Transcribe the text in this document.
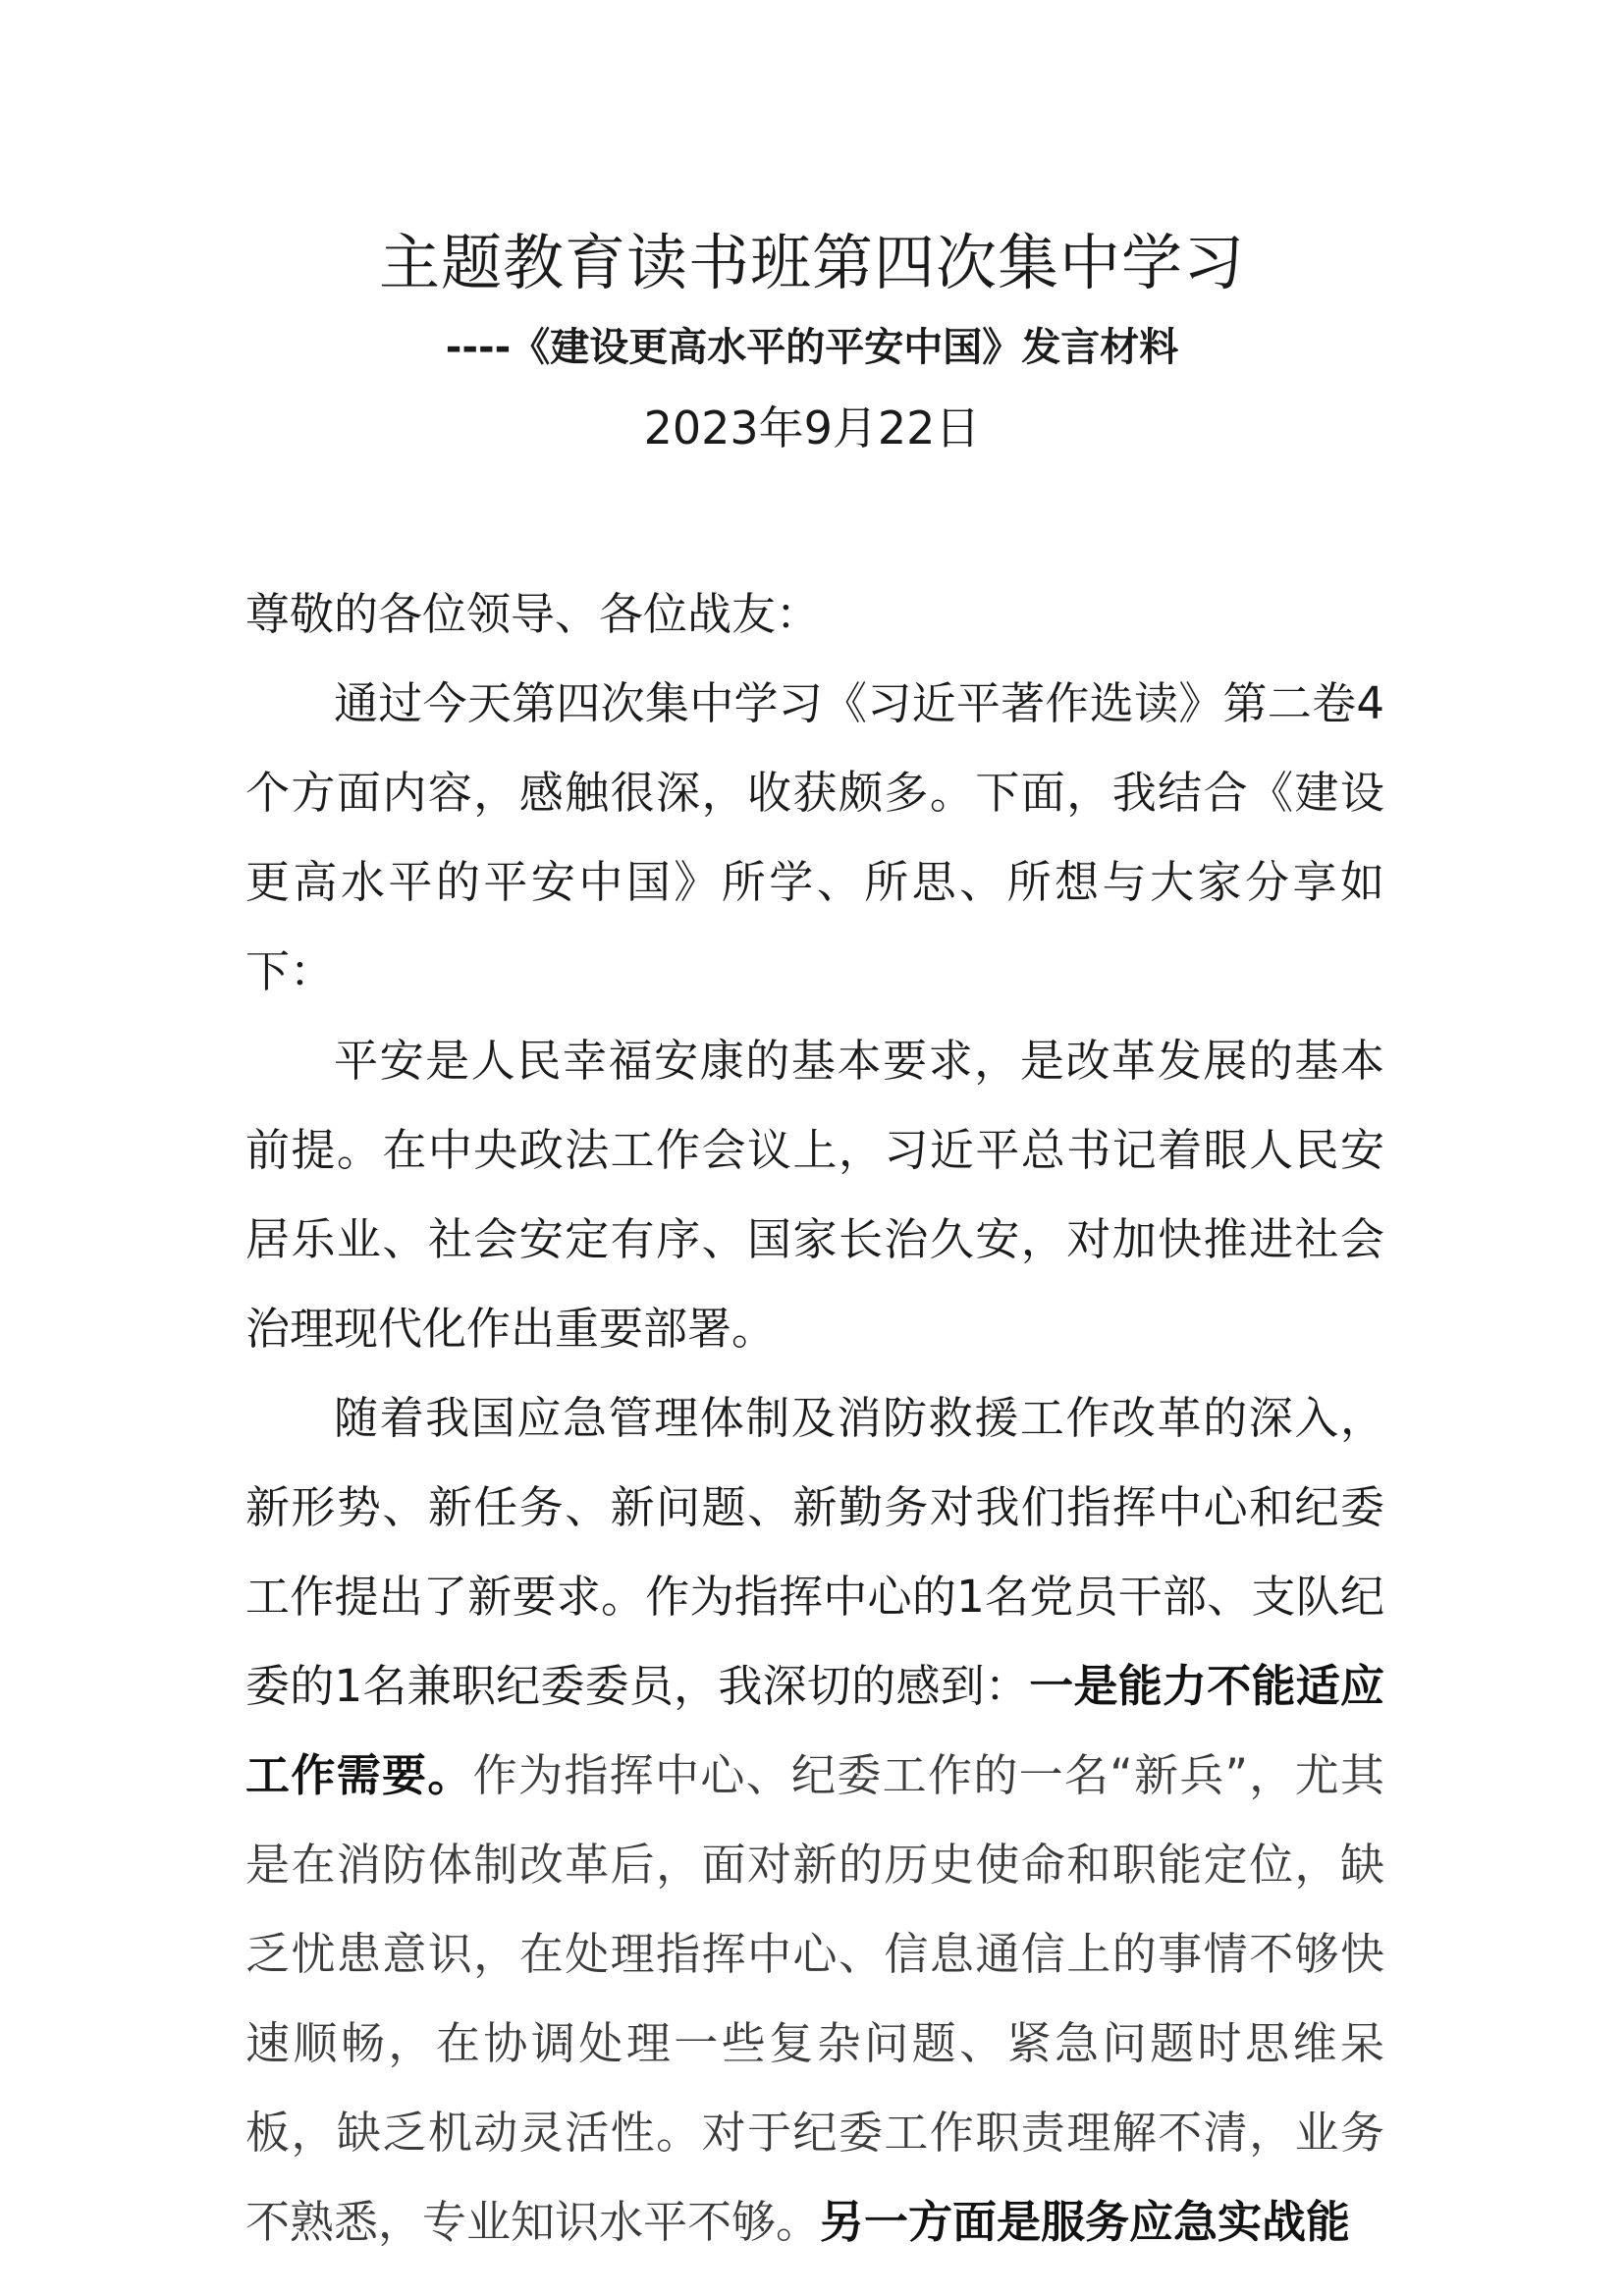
主题教育读书班第四次集中学习
----《建设更高水平的平安中国》发言材料
2023年9月22日

尊敬的各位领导、各位战友：

通过今天第四次集中学习《习近平著作选读》第二卷4个方面内容，感触很深，收获颇多。下面，我结合《建设更高水平的平安中国》所学、所思、所想与大家分享如下：

平安是人民幸福安康的基本要求，是改革发展的基本前提。在中央政法工作会议上，习近平总书记着眼人民安居乐业、社会安定有序、国家长治久安，对加快推进社会治理现代化作出重要部署。

随着我国应急管理体制及消防救援工作改革的深入，新形势、新任务、新问题、新勤务对我们指挥中心和纪委工作提出了新要求。作为指挥中心的1名党员干部、支队纪委的1名兼职纪委委员，我深切的感到：一是能力不能适应工作需要。作为指挥中心、纪委工作的一名“新兵”，尤其是在消防体制改革后，面对新的历史使命和职能定位，缺乏忧患意识，在处理指挥中心、信息通信上的事情不够快速顺畅，在协调处理一些复杂问题、紧急问题时思维呆板，缺乏机动灵活性。对于纪委工作职责理解不清，业务不熟悉，专业知识水平不够。另一方面是服务应急实战能
